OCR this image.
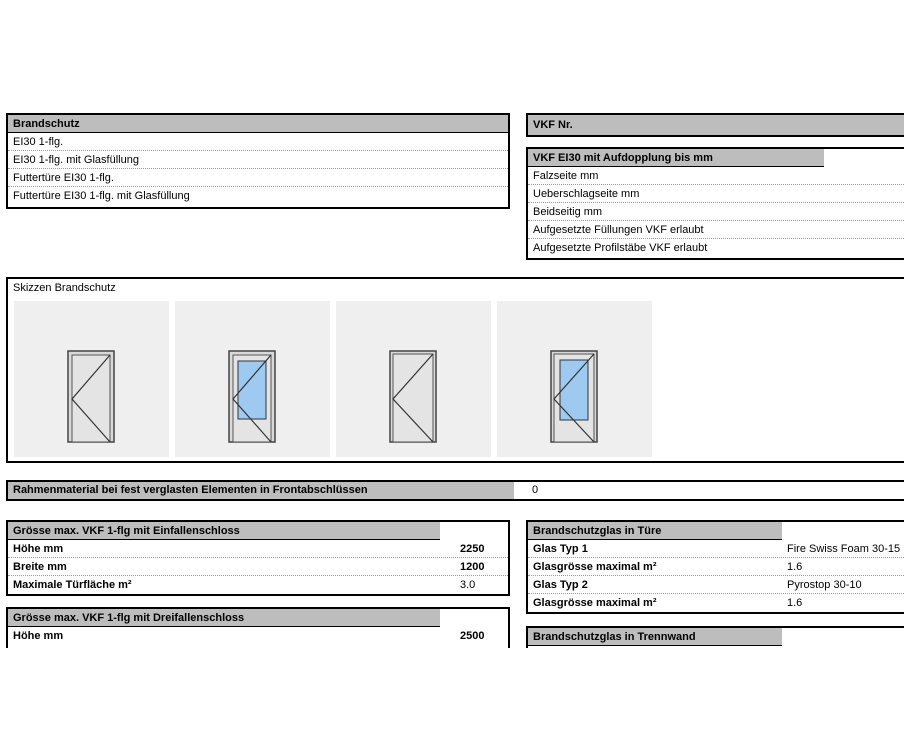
Brandschutz
EI30 1-flg.
EI30 1-flg. mit Glasfüllung
Futtertüre EI30 1-flg.
Futtertüre EI30 1-flg. mit Glasfüllung
VKF Nr.
VKF EI30 mit Aufdopplung bis mm
Falzseite mm
Ueberschlagseite mm
Beidseitig mm
Aufgesetzte Füllungen VKF erlaubt
Aufgesetzte Profilstäbe VKF erlaubt
Skizzen Brandschutz
Rahmenmaterial bei fest verglasten Elementen in Frontabschlüssen	0
Grösse max. VKF 1-flg mit Einfallenschloss
Höhe mm	2250
Breite mm	1200
Maximale Türfläche m²	3.0
Grösse max. VKF 1-flg mit Dreifallenschloss
Höhe mm	2500
Brandschutzglas in Türe
Glas Typ 1	Fire Swiss Foam 30-15
Glasgrösse maximal m²	1.6
Glas Typ 2	Pyrostop 30-10
Glasgrösse maximal m²	1.6
Brandschutzglas in Trennwand
